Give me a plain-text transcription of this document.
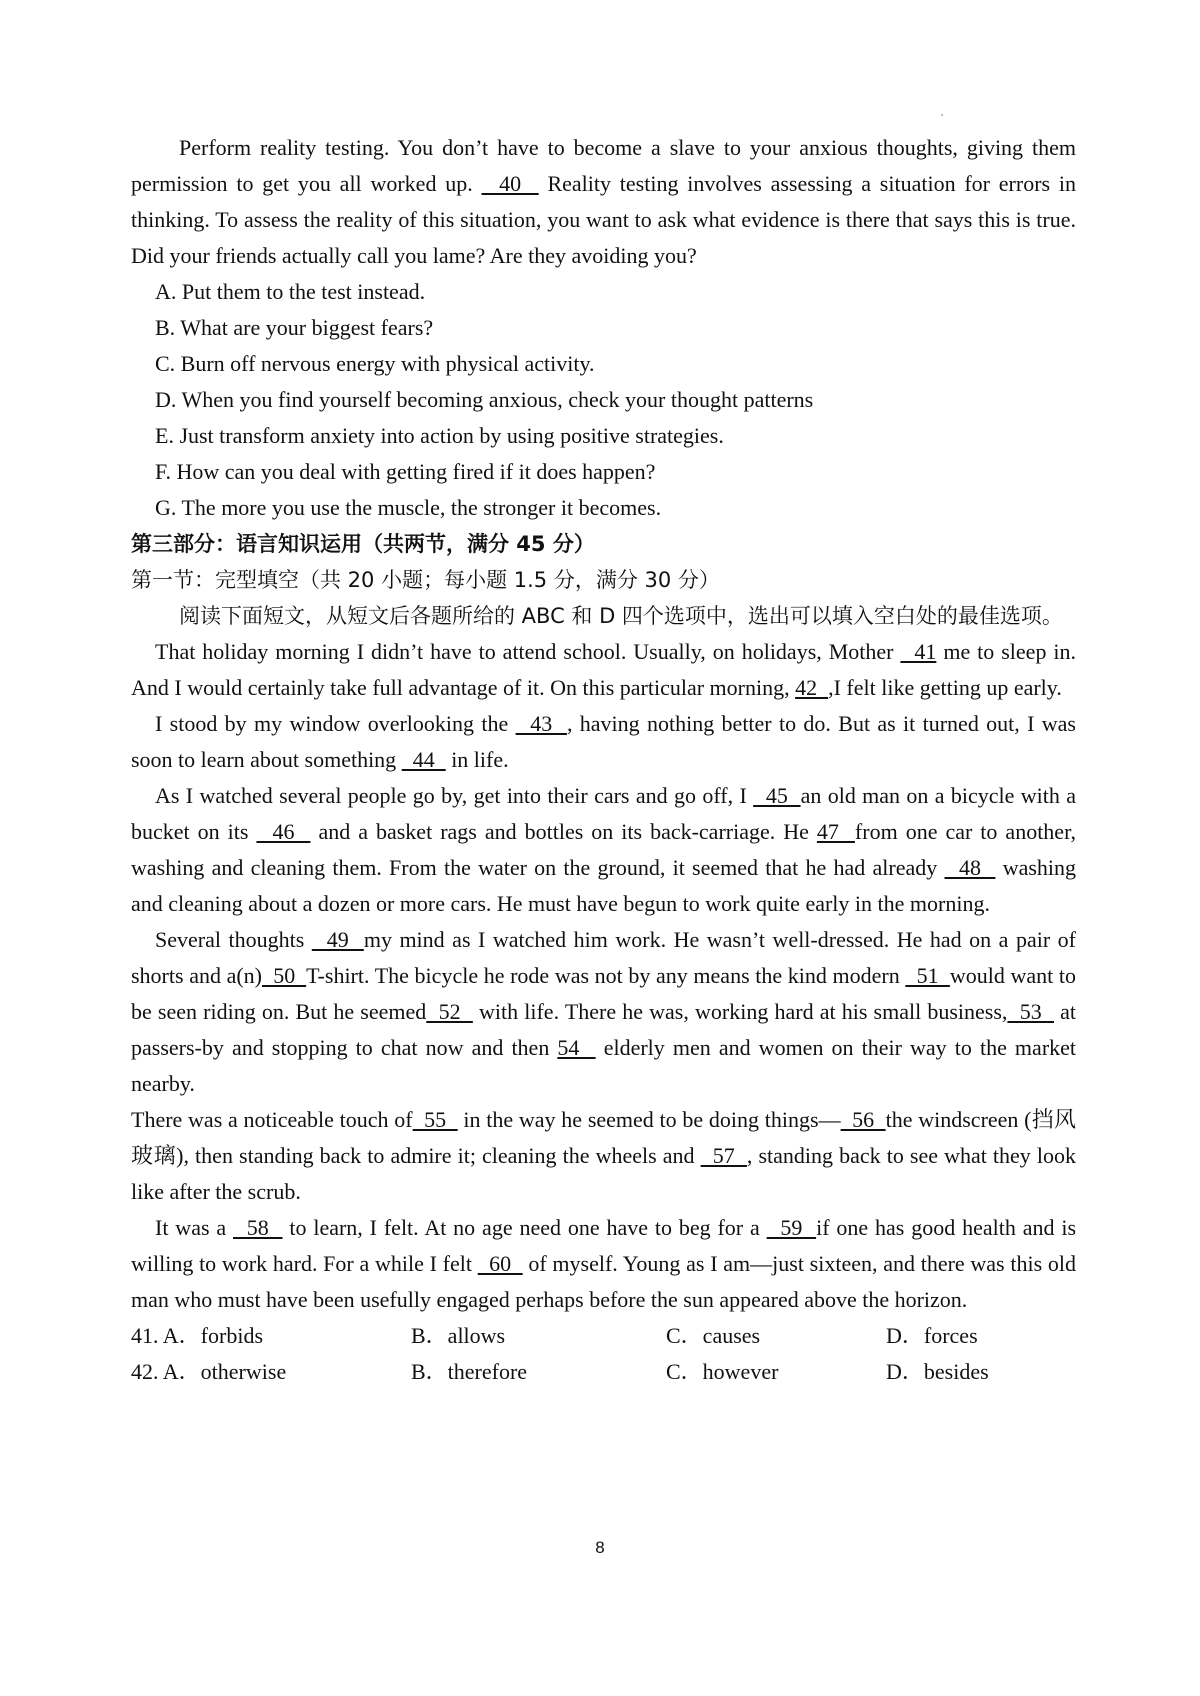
Perform reality testing. You don’t have to become a slave to your anxious thoughts, giving them permission to get you all worked up.   40   Reality testing involves assessing a situation for errors in thinking. To assess the reality of this situation, you want to ask what evidence is there that says this is true. Did your friends actually call you lame? Are they avoiding you?

A. Put them to the test instead.

B. What are your biggest fears?

C. Burn off nervous energy with physical activity.

D. When you find yourself becoming anxious, check your thought patterns

E. Just transform anxiety into action by using positive strategies.

F. How can you deal with getting fired if it does happen?

G. The more you use the muscle, the stronger it becomes.

第三部分：语言知识运用（共两节，满分 45 分）

第一节：完型填空（共 20 小题；每小题 1.5 分，满分 30 分）

阅读下面短文，从短文后各题所给的 ABC 和 D 四个选项中，选出可以填入空白处的最佳选项。

That holiday morning I didn’t have to attend school. Usually, on holidays, Mother   41 me to sleep in. And I would certainly take full advantage of it. On this particular morning, 42  ,I felt like getting up early.

I stood by my window overlooking the   43  , having nothing better to do. But as it turned out, I was soon to learn about something   44   in life.

As I watched several people go by, get into their cars and go off, I   45  an old man on a bicycle with a bucket on its   46   and a basket rags and bottles on its back-carriage. He 47  from one car to another, washing and cleaning them. From the water on the ground, it seemed that he had already   48   washing and cleaning about a dozen or more cars. He must have begun to work quite early in the morning.

Several thoughts   49  my mind as I watched him work. He wasn’t well-dressed. He had on a pair of shorts and a(n)  50  T-shirt. The bicycle he rode was not by any means the kind modern   51  would want to be seen riding on. But he seemed  52   with life. There he was, working hard at his small business,  53   at passers-by and stopping to chat now and then 54   elderly men and women on their way to the market nearby.

There was a noticeable touch of  55   in the way he seemed to be doing things—  56  the windscreen (挡风玻璃), then standing back to admire it; cleaning the wheels and   57  , standing back to see what they look like after the scrub.

It was a   58   to learn, I felt. At no age need one have to beg for a   59  if one has good health and is willing to work hard. For a while I felt   60   of myself. Young as I am—just sixteen, and there was this old man who must have been usefully engaged perhaps before the sun appeared above the horizon.

41. A．forbids	B．allows	C．causes	D．forces
42. A．otherwise	B．therefore	C．however	D．besides
8
